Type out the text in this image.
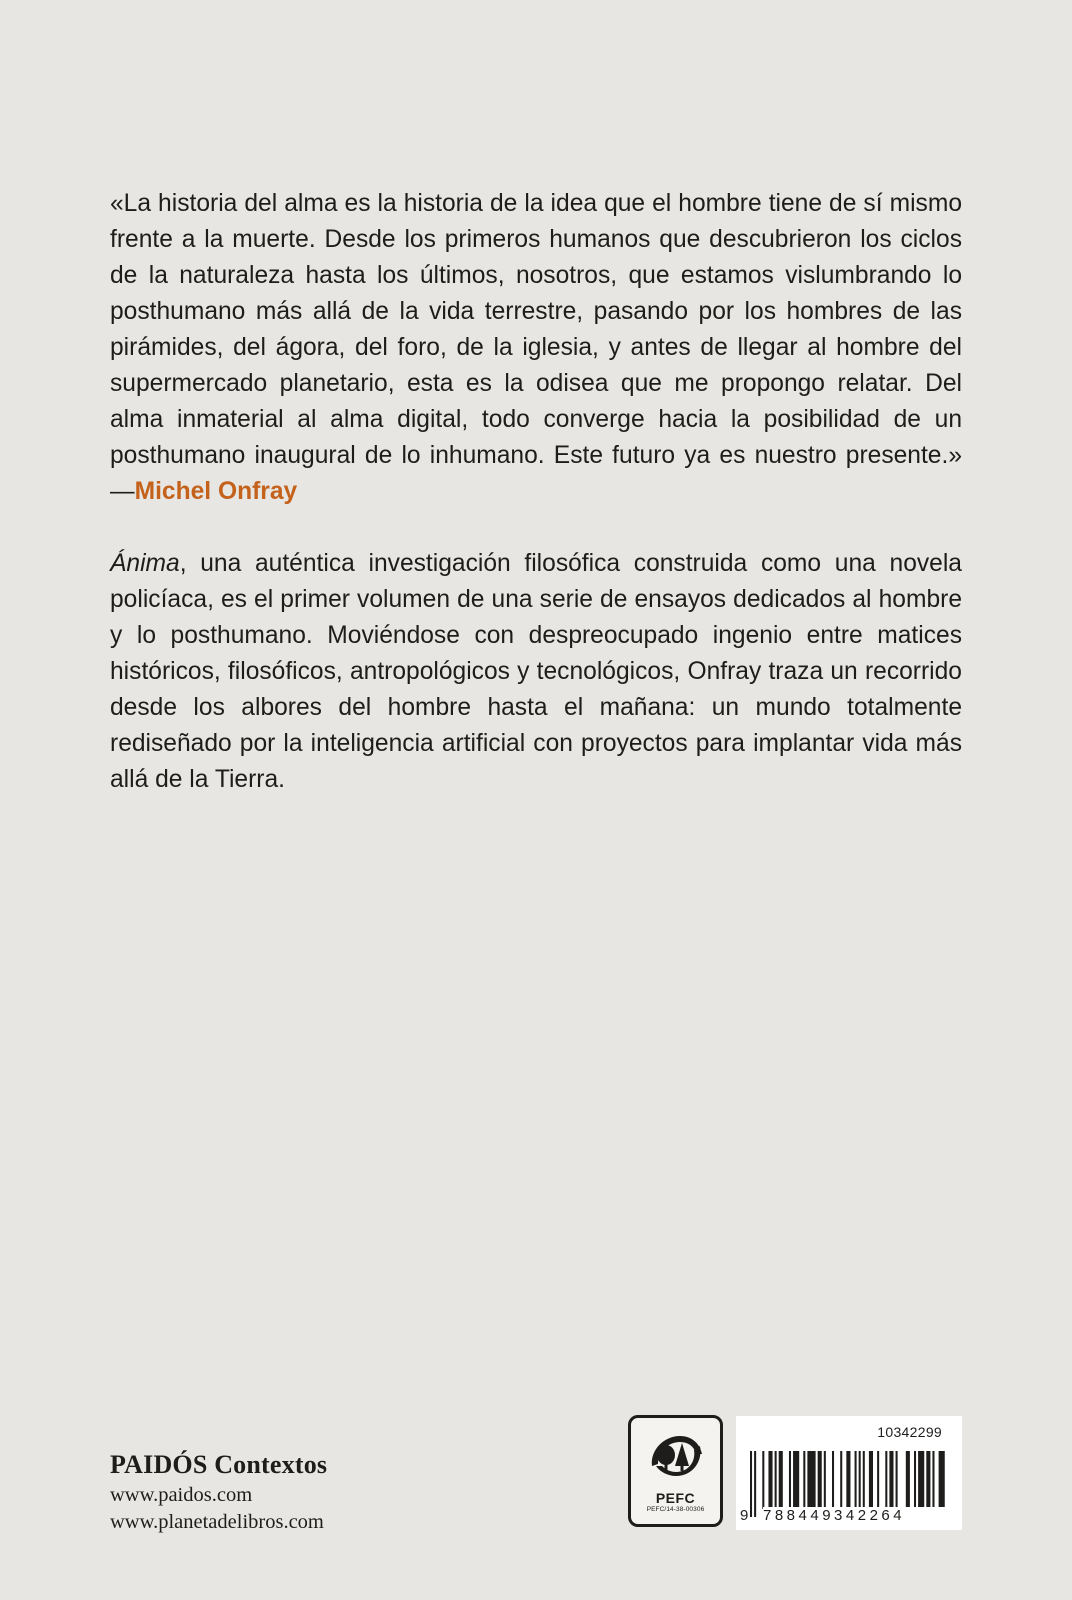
«La historia del alma es la historia de la idea que el hombre tiene de sí mismo frente a la muerte. Desde los primeros humanos que descubrieron los ciclos de la naturaleza hasta los últimos, nosotros, que estamos vislumbrando lo posthumano más allá de la vida terrestre, pasando por los hombres de las pirámides, del ágora, del foro, de la iglesia, y antes de llegar al hombre del supermercado planetario, esta es la odisea que me propongo relatar. Del alma inmaterial al alma digital, todo converge hacia la posibilidad de un posthumano inaugural de lo inhumano. Este futuro ya es nuestro presente.» —Michel Onfray
Ánima, una auténtica investigación filosófica construida como una novela policíaca, es el primer volumen de una serie de ensayos dedicados al hombre y lo posthumano. Moviéndose con despreocupado ingenio entre matices históricos, filosóficos, antropológicos y tecnológicos, Onfray traza un recorrido desde los albores del hombre hasta el mañana: un mundo totalmente rediseñado por la inteligencia artificial con proyectos para implantar vida más allá de la Tierra.
PAIDÓS Contextos
www.paidos.com
www.planetadelibros.com
PEFC
PEFC/14-38-00306
10342299
9 788449342264
